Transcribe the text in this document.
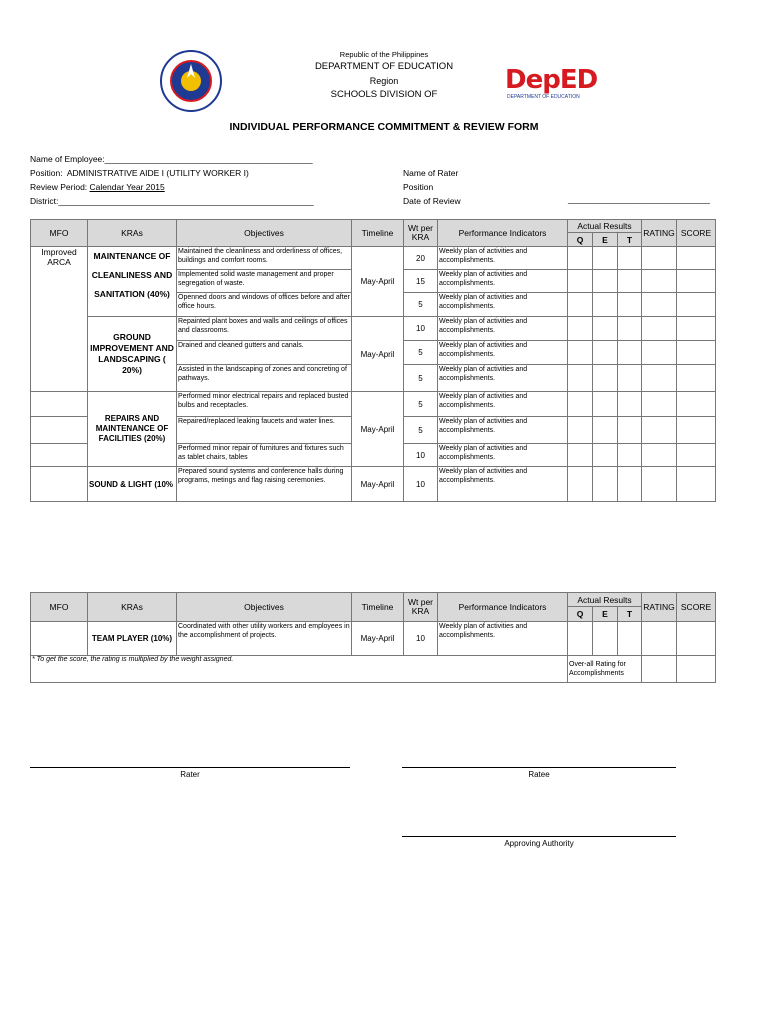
Republic of the Philippines
DEPARTMENT OF EDUCATION
Region
SCHOOLS DIVISION OF	DepED
DEPARTMENT OF EDUCATION
INDIVIDUAL PERFORMANCE COMMITMENT & REVIEW FORM
Name of Employee:____________________________________________
Position: ADMINISTRATIVE AIDE I (UTILITY WORKER I)
Review Period: Calendar Year 2015
District:______________________________________________________
Name of Rater
Position
Date of Review	______________________________
MFO	KRAs	Objectives	Timeline	Wt per KRA	Performance Indicators	Actual Results			RATING	SCORE
						Q	E	T		
Improved ARCA	MAINTENANCE OF CLEANLINESS AND SANITATION (40%)	Maintained the cleanliness and orderliness of offices, buildings and comfort rooms.	May-April	20	Weekly plan of activities and accomplishments.					
		Implemented solid waste management and proper segregation of waste.		15	Weekly plan of activities and accomplishments.					
		Openned doors and windows of offices before and after office hours.		5	Weekly plan of activities and accomplishments.					
	GROUND IMPROVEMENT AND LANDSCAPING ( 20%)	Repainted plant boxes and walls and ceilings of offices and classrooms.	May-April	10	Weekly plan of activities and accomplishments.					
		Drained and cleaned gutters and canals.		5	Weekly plan of activities and accomplishments.					
		Assisted in the landscaping of zones and concreting of pathways.		5	Weekly plan of activities and accomplishments.					
	REPAIRS AND MAINTENANCE OF FACILITIES (20%)	Performed minor electrical repairs and replaced busted bulbs and receptacles.	May-April	5	Weekly plan of activities and accomplishments.					
		Repaired/replaced leaking faucets and water lines.		5	Weekly plan of activities and accomplishments.					
		Performed minor repair of furnitures and fixtures such as tablet chairs, tables		10	Weekly plan of activities and accomplishments.					
	SOUND & LIGHT (10%	Prepared sound systems and conference halls during programs, metings and flag raising ceremonies.	May-April	10	Weekly plan of activities and accomplishments.					
MFO	KRAs	Objectives	Timeline	Wt per KRA	Performance Indicators	Actual Results			RATING	SCORE
						Q	E	T		
	TEAM PLAYER (10%)	Coordinated with other utility workers and employees in the accomplishment of projects.	May-April	10	Weekly plan of activities and accomplishments.					
* To get the score, the rating is multiplied by the weight assigned.						Over-all Rating for Accomplishments				
Rater	Ratee
Approving Authority
